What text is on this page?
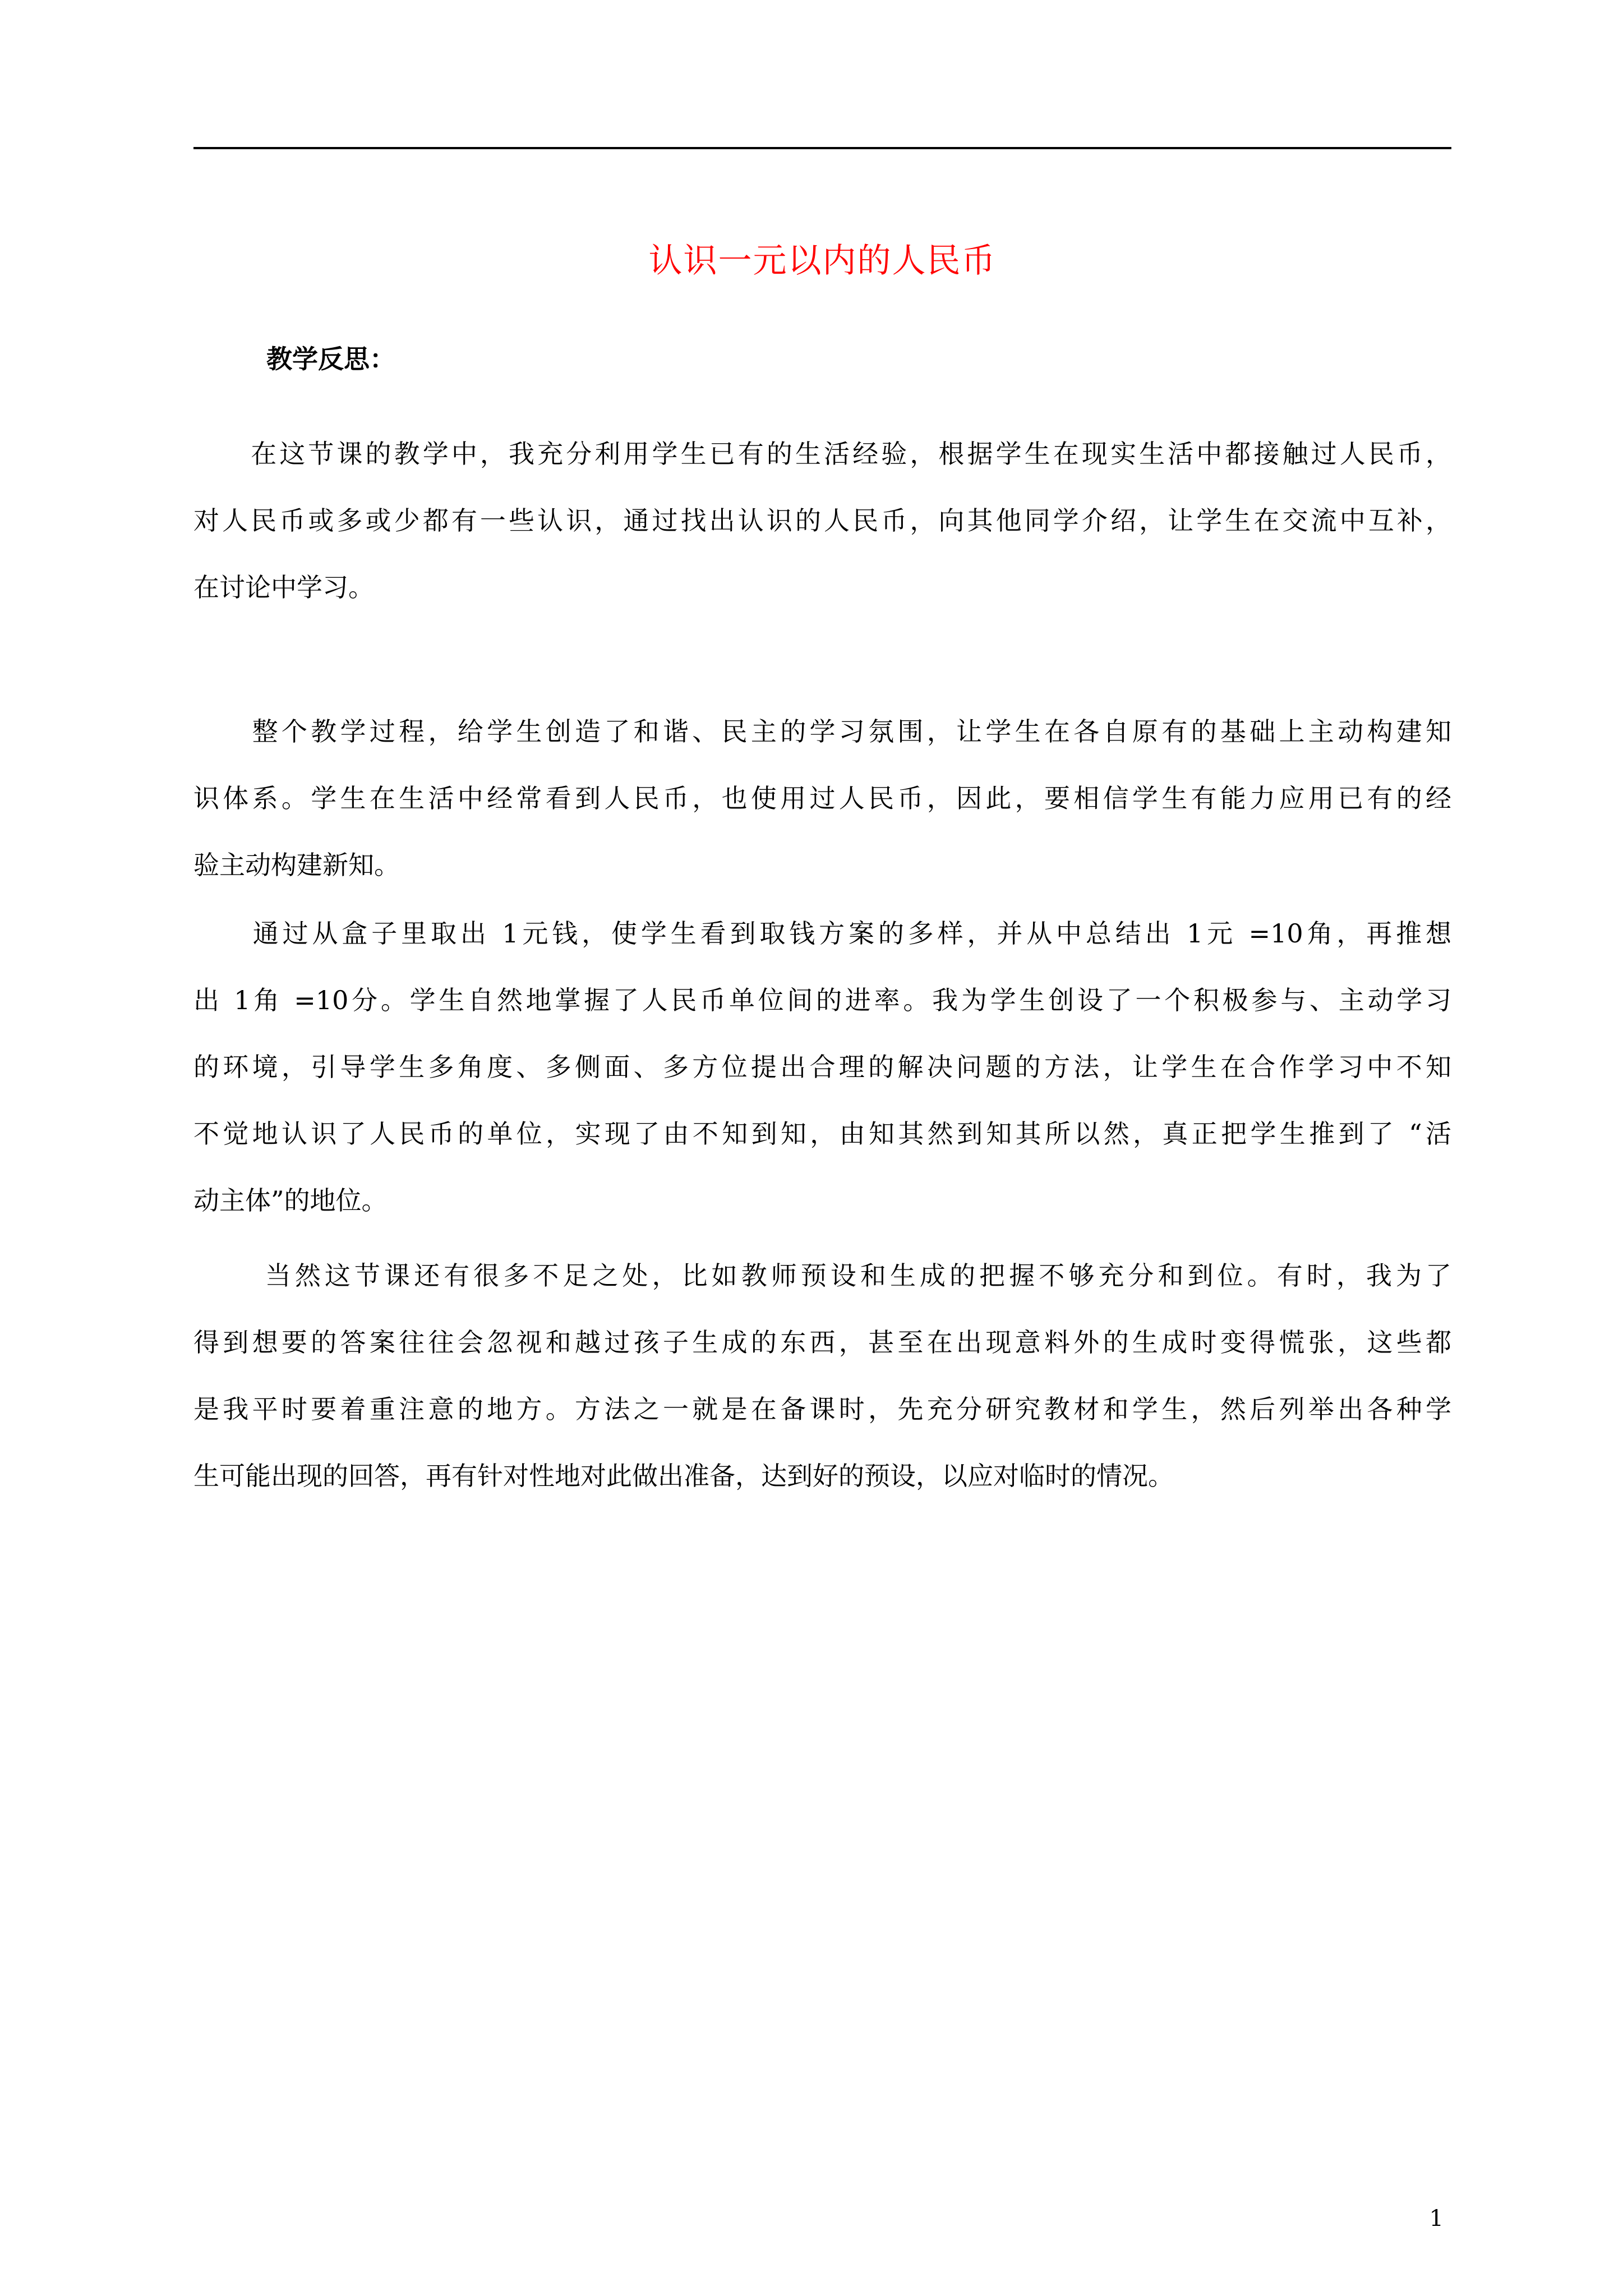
认识一元以内的人民币
教学反思：

　　在这节课的教学中，我充分利用学生已有的生活经验，根据学生在现实生活中都接触过人民币，
对人民币或多或少都有一些认识，通过找出认识的人民币，向其他同学介绍，让学生在交流中互补，
在讨论中学习。

　　整个教学过程，给学生创造了和谐、民主的学习氛围，让学生在各自原有的基础上主动构建知
识体系。学生在生活中经常看到人民币，也使用过人民币，因此，要相信学生有能力应用已有的经
验主动构建新知。

　　通过从盒子里取出 1元钱，使学生看到取钱方案的多样，并从中总结出 1元 =10角，再推想
出 1角 =10分。学生自然地掌握了人民币单位间的进率。我为学生创设了一个积极参与、主动学习
的环境，引导学生多角度、多侧面、多方位提出合理的解决问题的方法，让学生在合作学习中不知
不觉地认识了人民币的单位，实现了由不知到知，由知其然到知其所以然，真正把学生推到了 “活
动主体”的地位。

　　 当然这节课还有很多不足之处，比如教师预设和生成的把握不够充分和到位。有时，我为了
得到想要的答案往往会忽视和越过孩子生成的东西，甚至在出现意料外的生成时变得慌张，这些都
是我平时要着重注意的地方。方法之一就是在备课时，先充分研究教材和学生，然后列举出各种学
生可能出现的回答，再有针对性地对此做出准备，达到好的预设，以应对临时的情况。

1
